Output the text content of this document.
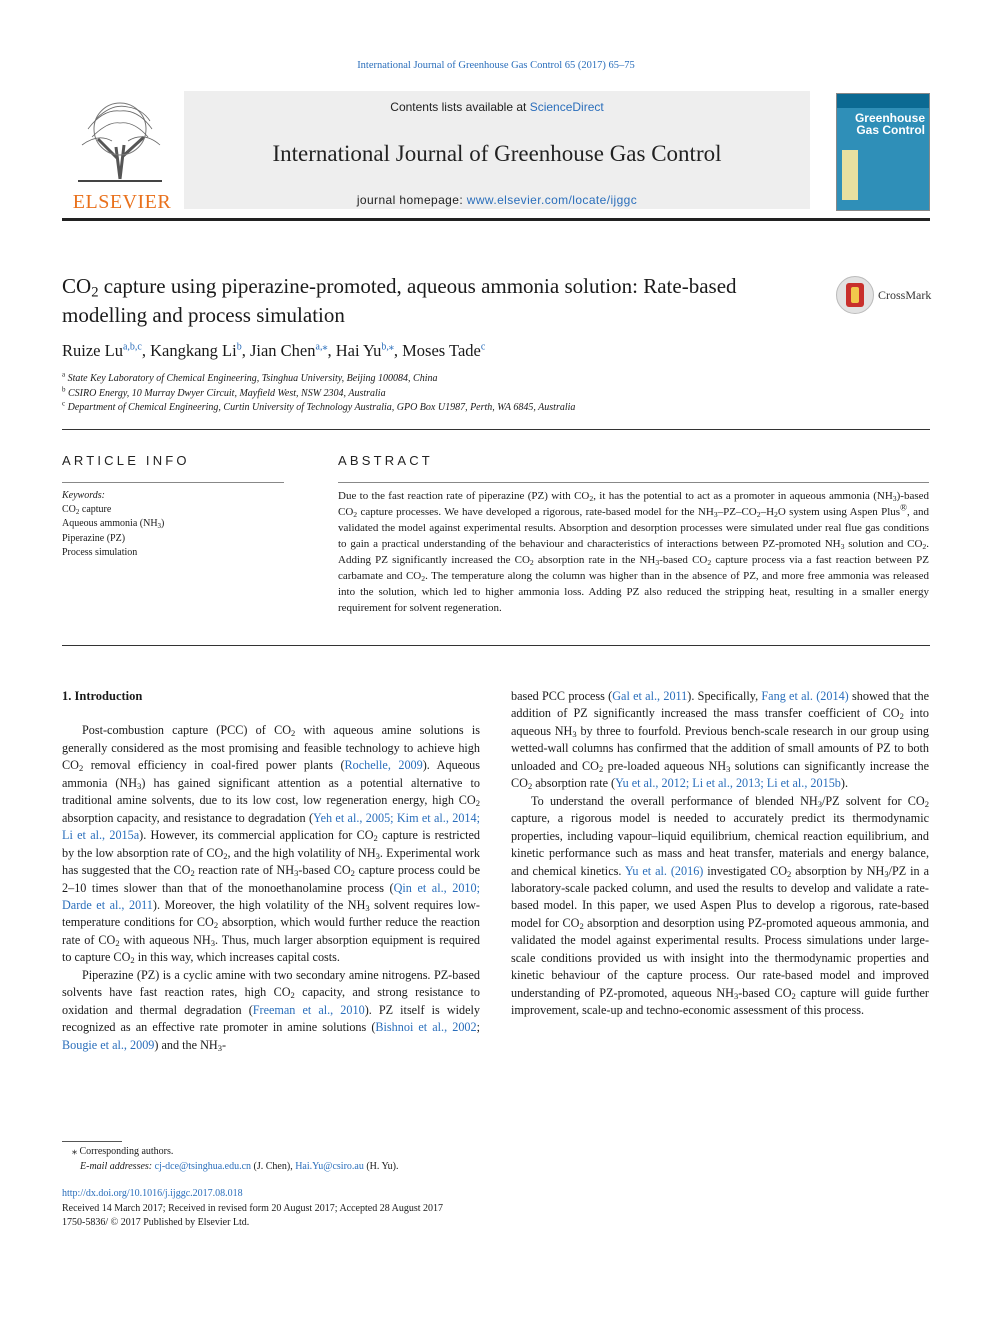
International Journal of Greenhouse Gas Control 65 (2017) 65–75
ELSEVIER
Contents lists available at ScienceDirect
International Journal of Greenhouse Gas Control
journal homepage: www.elsevier.com/locate/ijggc
Greenhouse Gas Control
$CO_2$ capture using piperazine-promoted, aqueous ammonia solution: Rate-based modelling and process simulation
CrossMark
Ruize Lu$^{a,b,c}$, Kangkang Li$^b$, Jian Chen$^{a,⁎}$, Hai $Yu^{b,⁎}$, Moses Tade$^c$
$^a$ State Key Laboratory of Chemical Engineering, Tsinghua University, Beijing 100084, China
$^b$ CSIRO Energy, 10 Murray Dwyer Circuit, Mayfield West, NSW 2304, Australia
$^c$ Department of Chemical Engineering, Curtin University of Technology Australia, GPO Box U1987, Perth, WA 6845, Australia
ARTICLE INFO
Keywords:
$CO_2$ capture
Aqueous ammonia $(NH_3)$
Piperazine (PZ)
Process simulation
ABSTRACT
Due to the fast reaction rate of piperazine (PZ) with $CO_2$, it has the potential to act as a promoter in aqueous ammonia $(NH_3)$-based $CO_2$ capture processes. We have developed a rigorous, rate-based model for the $NH_3-PZ-CO_2-H_2O$ system using Aspen Plus®, and validated the model against experimental results. Absorption and desorption processes were simulated under real flue gas conditions to gain a practical understanding of the behaviour and characteristics of interactions between PZ-promoted $NH_3$ solution and $CO_2$. Adding PZ significantly increased the $CO_2$ absorption rate in the $NH_3$-based $CO_2$ capture process via a fast reaction between PZ carbamate and $CO_2$. The temperature along the column was higher than in the absence of PZ, and more free ammonia was released into the solution, which led to higher ammonia loss. Adding PZ also reduced the stripping heat, resulting in a smaller energy requirement for solvent regeneration.
1. Introduction

Post-combustion capture (PCC) of $CO_2$ with aqueous amine solutions is generally considered as the most promising and feasible technology to achieve high $CO_2$ removal efficiency in coal-fired power plants (Rochelle, 2009). Aqueous ammonia $(NH_3)$ has gained significant attention as a potential alternative to traditional amine solvents, due to its low cost, low regeneration energy, high $CO_2$ absorption capacity, and resistance to degradation (Yeh et al., 2005; Kim et al., 2014; Li et al., 2015a). However, its commercial application for $CO_2$ capture is restricted by the low absorption rate of $CO_2$, and the high volatility of $NH_3$. Experimental work has suggested that the $CO_2$ reaction rate of $NH_3$-based $CO_2$ capture process could be 2–10 times slower than that of the monoethanolamine process (Qin et al., 2010; Darde et al., 2011). Moreover, the high volatility of the $NH_3$ solvent requires low-temperature conditions for $CO_2$ absorption, which would further reduce the reaction rate of $CO_2$ with aqueous $NH_3$. Thus, much larger absorption equipment is required to capture $CO_2$ in this way, which increases capital costs.

Piperazine (PZ) is a cyclic amine with two secondary amine nitrogens. PZ-based solvents have fast reaction rates, high $CO_2$ capacity, and strong resistance to oxidation and thermal degradation (Freeman et al., 2010). PZ itself is widely recognized as an effective rate promoter in amine solutions (Bishnoi et al., 2002; Bougie et al., 2009) and the $NH_3-$

based PCC process (Gal et al., 2011). Specifically, Fang et al. (2014) showed that the addition of PZ significantly increased the mass transfer coefficient of $CO_2$ into aqueous $NH_3$ by three to fourfold. Previous bench-scale research in our group using wetted-wall columns has confirmed that the addition of small amounts of PZ to both unloaded and $CO_2$ pre-loaded aqueous $NH_3$ solutions can significantly increase the $CO_2$ absorption rate (Yu et al., 2012; Li et al., 2013; Li et al., 2015b).

To understand the overall performance of blended $NH_3/PZ$ solvent for $CO_2$ capture, a rigorous model is needed to accurately predict its thermodynamic properties, including vapour–liquid equilibrium, chemical reaction equilibrium, and kinetic performance such as mass and heat transfer, materials and energy balance, and chemical kinetics. Yu et al. (2016) investigated $CO_2$ absorption by $NH_3/PZ$ in a laboratory-scale packed column, and used the results to develop and validate a rate-based model. In this paper, we used Aspen Plus to develop a rigorous, rate-based model for $CO_2$ absorption and desorption using PZ-promoted aqueous ammonia, and validated the model against experimental results. Process simulations under large-scale conditions provided us with insight into the thermodynamic properties and kinetic behaviour of the capture process. Our rate-based model and improved understanding of PZ-promoted, aqueous $NH_3$-based $CO_2$ capture will guide further improvement, scale-up and techno-economic assessment of this process.

⁎ Corresponding authors.
E-mail addresses: cj-dce@tsinghua.edu.cn (J. Chen), Hai.Yu@csiro.au (H. Yu).
http://dx.doi.org/10.1016/j.ijggc.2017.08.018
Received 14 March 2017; Received in revised form 20 August 2017; Accepted 28 August 2017
1750-5836/ © 2017 Published by Elsevier Ltd.
